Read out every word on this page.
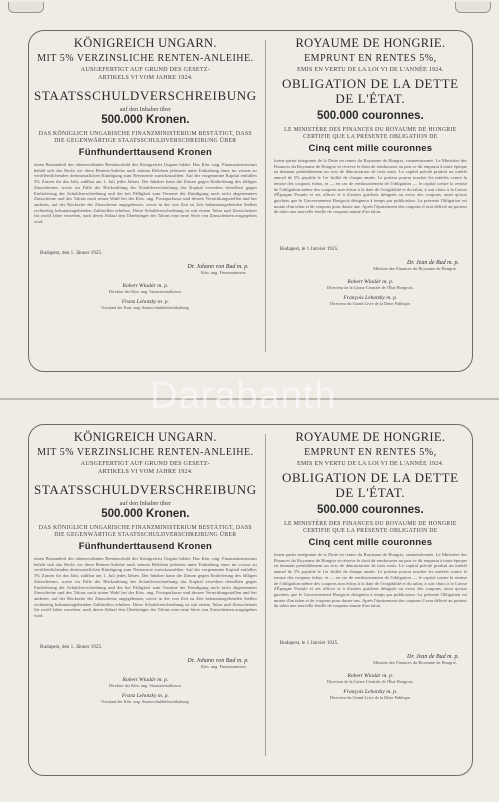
KÖNIGREICH UNGARN.
MIT 5% VERZINSLICHE RENTEN-ANLEIHE.
AUSGEFERTIGT AUF GRUND DES GESETZ-
ARTIKELS VI VOM JAHRE 1924.
STAATSSCHULDVERSCHREIBUNG
auf den Inhaber über
500.000 Kronen.
DAS KÖNIGLICH UNGARISCHE FINANZMINISTERIUM BESTÄTIGT, DASS
DIE GEGENWÄRTIGE STAATSSCHULDVERSCHREIBUNG ÜBER
Fünfhunderttausend Kronen
einen Bestandteil der obenerwähnten Rentenschuld des Königreichs Ungarn bildet. Das Kön. ung. Finanzministerium behält sich das Recht vor diese Renten-Anleihe nach seinem Belieben jederzeit unter Einhaltung einer im voraus zu veröffentlichenden dreimonatlichen Kündigung zum Nennwerte zurückzuzahlen. Auf der vorgenannte Kapital entfallen 5% Zinsen für das Jahr, zahlbar am 1. Juli jedes Jahres. Der Inhaber kann die Zinsen gegen Einlieferung des fälligen Zinsscheines, sowie im Falle der Rückzahlung der Schuldverschreibung das Kapital erwerben derselben gegen Einlieferung der Schuldverschreibung und der bei Fälligkeit zum Termine der Kündigung noch nicht abgetrennten Zinsscheine und des Talons nach seiner Wahl bei der Kön. ung. Postsparkasse und dessen Vermittlungsstellen und bei anderen, auf der Rückseite der Zinsscheine angegebenen, sowie in der von Zeit zu Zeit bekanntzugebenden Stellen rechtzeitig bekanntzugebenden Zahlstellen erheben. Diese Schuldverschreibung ist mit einem Talon und Zinsscheinen für zwölf Jahre versehen, nach deren Ablauf den Überbringer des Talons eine neue Serie von Zinsscheinen ausgegeben wird.
Budapest, den 1. Jänner 1925.
Dr. Johann von Bud m. p.
Kön. ung. Finanzminister.
Robert Wladár m. p.
Direktor der Kön. ung. Staatszentralkassa.
Franz Lehotzky m. p.
Vorstand der Kön. ung. Staatsschuldenbuchhaltung.
ROYAUME DE HONGRIE.
EMPRUNT EN RENTES 5%,
EMIS EN VERTU DE LA LOI VI DE L'ANNÉE 1924.
OBLIGATION DE LA DETTE
DE L'ÉTAT.
500.000 couronnes.
LE MINISTÈRE DES FINANCES DU ROYAUME DE HONGRIE
CERTIFIE QUE LA PRÉSENTE OBLIGATION DE
Cinq cent mille couronnes
forme partie intégrante de la Dette en rentes du Royaume de Hongrie, susmentionnée. Le Ministère des Finances du Royaume de Hongrie se réserve le droit de rembourser au pair ce dit emprunt à toute époque en donnant préalablement un avis de dénonciation de trois mois. Le capital précité produit un intérêt annuel de 5% payable le 1er Juillet de chaque année. Le porteur pourra toucher les intérêts contre la remise des coupons échus, et — en cas de remboursement de l'obligation — le capital contre la remise de l'obligation même des coupons non échus à la date de l'exigibilité et du talon, à son choix à la Caisse d'Épargne Postale et ses offices et à d'autres guichets désignés au verso des coupons, ainsi qu'aux guichets que le Gouvernement Hongrois désignera à temps par publication. La présente Obligation est munie d'un talon et de coupons pour douze ans. Après l'épuisement des coupons il sera délivré au porteur du talon une nouvelle feuille de coupons munie d'un talon.
Budapest, le 1 Janvier 1925.
Dr. Jean de Bud m. p.
Ministre des Finances du Royaume de Hongrie.
Robert Wladár m. p.
Directeur de la Caisse Centrale de l'État Hongrois.
François Lehotzky m. p.
Directeur du Grand Livre de la Dette Publique.
KÖNIGREICH UNGARN.
MIT 5% VERZINSLICHE RENTEN-ANLEIHE.
AUSGEFERTIGT AUF GRUND DES GESETZ-
ARTIKELS VI VOM JAHRE 1924.
STAATSSCHULDVERSCHREIBUNG
auf den Inhaber über
500.000 Kronen.
DAS KÖNIGLICH UNGARISCHE FINANZMINISTERIUM BESTÄTIGT, DASS
DIE GEGENWÄRTIGE STAATSSCHULDVERSCHREIBUNG ÜBER
Fünfhunderttausend Kronen
einen Bestandteil der obenerwähnten Rentenschuld des Königreichs Ungarn bildet. Das Kön. ung. Finanzministerium behält sich das Recht vor diese Renten-Anleihe nach seinem Belieben jederzeit unter Einhaltung einer im voraus zu veröffentlichenden dreimonatlichen Kündigung zum Nennwerte zurückzuzahlen. Auf der vorgenannte Kapital entfallen 5% Zinsen für das Jahr, zahlbar am 1. Juli jedes Jahres. Der Inhaber kann die Zinsen gegen Einlieferung des fälligen Zinsscheines, sowie im Falle der Rückzahlung der Schuldverschreibung das Kapital erwerben derselben gegen Einlieferung der Schuldverschreibung und der bei Fälligkeit zum Termine der Kündigung noch nicht abgetrennten Zinsscheine und des Talons nach seiner Wahl bei der Kön. ung. Postsparkasse und dessen Vermittlungsstellen und bei anderen, auf der Rückseite der Zinsscheine angegebenen, sowie in der von Zeit zu Zeit bekanntzugebenden Stellen rechtzeitig bekanntzugebenden Zahlstellen erheben. Diese Schuldverschreibung ist mit einem Talon und Zinsscheinen für zwölf Jahre versehen, nach deren Ablauf den Überbringer des Talons eine neue Serie von Zinsscheinen ausgegeben wird.
Budapest, den 1. Jänner 1925.
Dr. Johann von Bud m. p.
Kön. ung. Finanzminister.
Robert Wladár m. p.
Direktor der Kön. ung. Staatszentralkassa.
Franz Lehotzky m. p.
Vorstand der Kön. ung. Staatsschuldenbuchhaltung.
ROYAUME DE HONGRIE.
EMPRUNT EN RENTES 5%,
EMIS EN VERTU DE LA LOI VI DE L'ANNÉE 1924.
OBLIGATION DE LA DETTE
DE L'ÉTAT.
500.000 couronnes.
LE MINISTÈRE DES FINANCES DU ROYAUME DE HONGRIE
CERTIFIE QUE LA PRÉSENTE OBLIGATION DE
Cinq cent mille couronnes
forme partie intégrante de la Dette en rentes du Royaume de Hongrie, susmentionnée. Le Ministère des Finances du Royaume de Hongrie se réserve le droit de rembourser au pair ce dit emprunt à toute époque en donnant préalablement un avis de dénonciation de trois mois. Le capital précité produit un intérêt annuel de 5% payable le 1er Juillet de chaque année. Le porteur pourra toucher les intérêts contre la remise des coupons échus, et — en cas de remboursement de l'obligation — le capital contre la remise de l'obligation même des coupons non échus à la date de l'exigibilité et du talon, à son choix à la Caisse d'Épargne Postale et ses offices et à d'autres guichets désignés au verso des coupons, ainsi qu'aux guichets que le Gouvernement Hongrois désignera à temps par publication. La présente Obligation est munie d'un talon et de coupons pour douze ans. Après l'épuisement des coupons il sera délivré au porteur du talon une nouvelle feuille de coupons munie d'un talon.
Budapest, le 1 Janvier 1925.
Dr. Jean de Bud m. p.
Ministre des Finances du Royaume de Hongrie.
Robert Wladár m. p.
Directeur de la Caisse Centrale de l'État Hongrois.
François Lehotzky m. p.
Directeur du Grand Livre de la Dette Publique.
Darabanth
